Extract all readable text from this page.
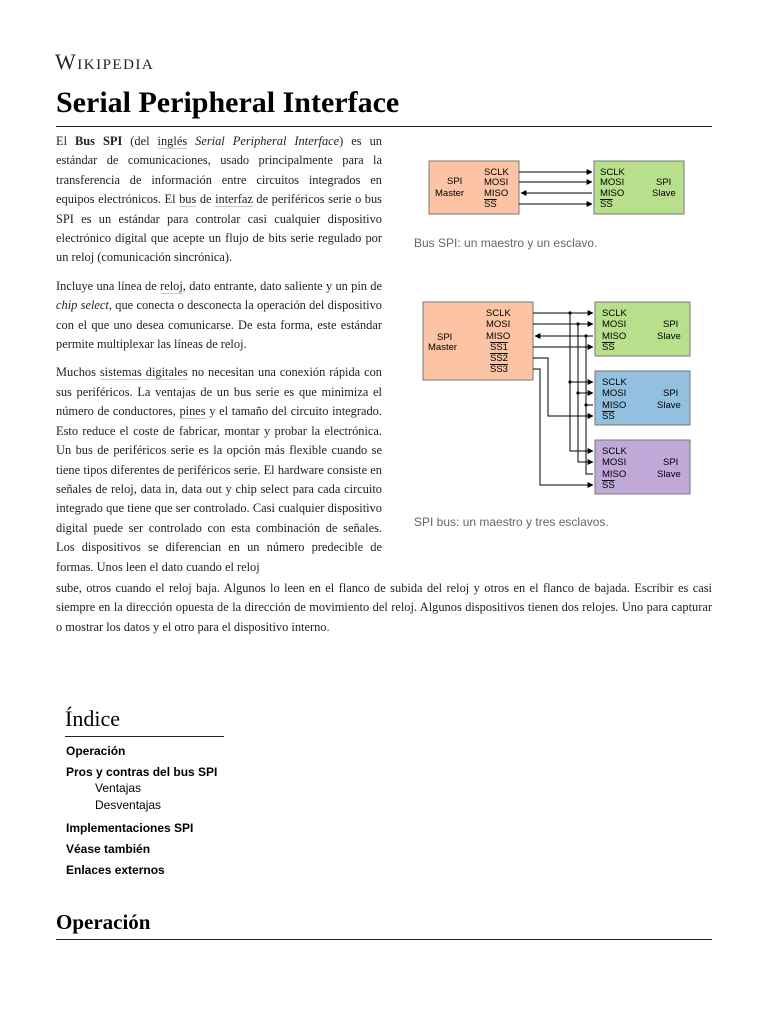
Wikipedia
Serial Peripheral Interface

El Bus SPI (del inglés Serial Peripheral Interface) es un estándar de comunicaciones, usado principalmente para la transferencia de información entre circuitos integrados en equipos electrónicos. El bus de interfaz de periféricos serie o bus SPI es un estándar para controlar casi cualquier dispositivo electrónico digital que acepte un flujo de bits serie regulado por un reloj (comunicación sincrónica).

Incluye una línea de reloj, dato entrante, dato saliente y un pin de chip select, que conecta o desconecta la operación del dispositivo con el que uno desea comunicarse. De esta forma, este estándar permite multiplexar las líneas de reloj.

Muchos sistemas digitales no necesitan una conexión rápida con sus periféricos. La ventajas de un bus serie es que minimiza el número de conductores, pines y el tamaño del circuito integrado. Esto reduce el coste de fabricar, montar y probar la electrónica. Un bus de periféricos serie es la opción más flexible cuando se tiene tipos diferentes de periféricos serie. El hardware consiste en señales de reloj, data in, data out y chip select para cada circuito integrado que tiene que ser controlado. Casi cualquier dispositivo digital puede ser controlado con esta combinación de señales. Los dispositivos se diferencian en un número predecible de formas. Unos leen el dato cuando el reloj

sube, otros cuando el reloj baja. Algunos lo leen en el flanco de subida del reloj y otros en el flanco de bajada. Escribir es casi siempre en la dirección opuesta de la dirección de movimiento del reloj. Algunos dispositivos tienen dos relojes. Uno para capturar o mostrar los datos y el otro para el dispositivo interno.

SPI
Master
SCLK
MOSI
MISO
SS
SCLK
MOSI
MISO
SS
SPI
Slave
Bus SPI: un maestro y un esclavo.
SPI
Master
SCLK
MOSI
MISO
SS1
SS2
SS3
SCLK
MOSI
MISO
SS
SPI
Slave
SCLK
MOSI
MISO
SS
SPI
Slave
SCLK
MOSI
MISO
SS
SPI
Slave
SPI bus: un maestro y tres esclavos.
Índice
Operación
Pros y contras del bus SPI
Ventajas
Desventajas
Implementaciones SPI
Véase también
Enlaces externos
Operación
